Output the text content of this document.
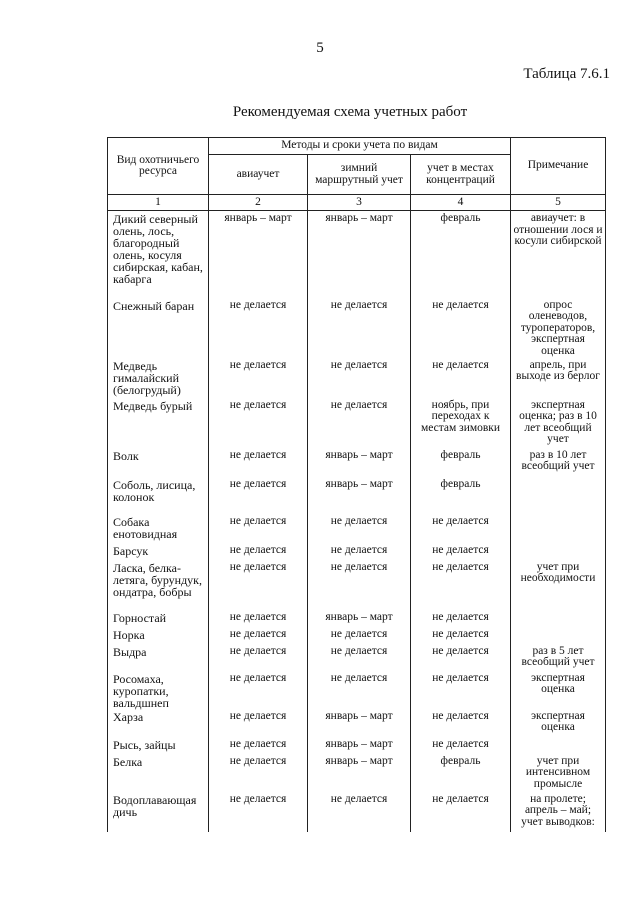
5
Таблица 7.6.1
Рекомендуемая схема учетных работ
Вид охотничьего ресурса	Методы и сроки учета по видам			Примечание
	авиаучет	зимний маршрутный учет	учет в местах концентраций	
1	2	3	4	5
Дикий северный олень, лось, благородный олень, косуля сибирская, кабан, кабарга	январь – март	январь – март	февраль	авиаучет: в отношении лося и косули сибирской
Снежный баран	не делается	не делается	не делается	опрос оленеводов, туроператоров, экспертная оценка
Медведь гималайский (белогрудый)	не делается	не делается	не делается	апрель, при выходе из берлог
Медведь бурый	не делается	не делается	ноябрь, при переходах к местам зимовки	экспертная оценка; раз в 10 лет всеобщий учет
Волк	не делается	январь – март	февраль	раз в 10 лет всеобщий учет
Соболь, лисица, колонок	не делается	январь – март	февраль	
Собака енотовидная	не делается	не делается	не делается	
Барсук	не делается	не делается	не делается	
Ласка, белка-летяга, бурундук, ондатра, бобры	не делается	не делается	не делается	учет при необходимости
Горностай	не делается	январь – март	не делается	
Норка	не делается	не делается	не делается	
Выдра	не делается	не делается	не делается	раз в 5 лет всеобщий учет
Росомаха, куропатки, вальдшнеп	не делается	не делается	не делается	экспертная оценка
Харза	не делается	январь – март	не делается	экспертная оценка
Рысь, зайцы	не делается	январь – март	не делается	
Белка	не делается	январь – март	февраль	учет при интенсивном промысле
Водоплавающая дичь	не делается	не делается	не делается	на пролете; апрель – май; учет выводков:
